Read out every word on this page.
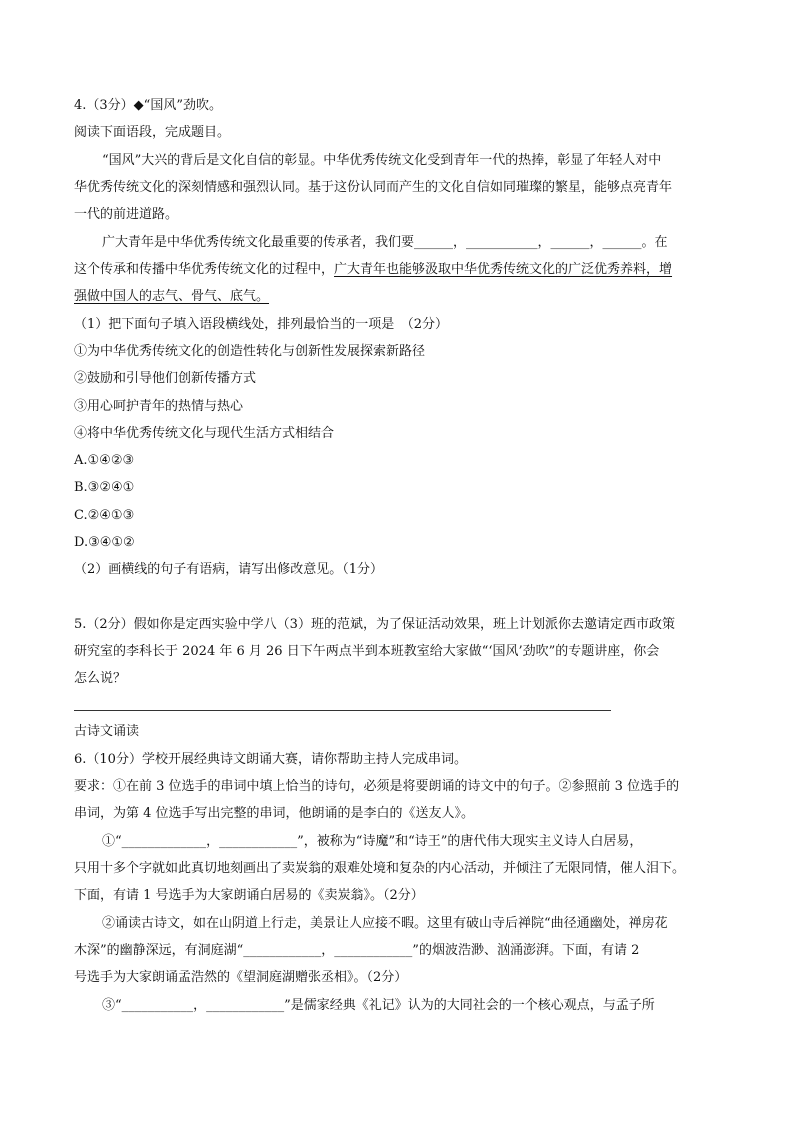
4.（3分）◆“国风”劲吹。
阅读下面语段，完成题目。
“国风”大兴的背后是文化自信的彰显。中华优秀传统文化受到青年一代的热捧，彰显了年轻人对中
华优秀传统文化的深刻情感和强烈认同。基于这份认同而产生的文化自信如同璀璨的繁星，能够点亮青年
一代的前进道路。
广大青年是中华优秀传统文化最重要的传承者，我们要______，___________，______，______。在
这个传承和传播中华优秀传统文化的过程中，广大青年也能够汲取中华优秀传统文化的广泛优秀养料，增
强做中国人的志气、骨气、底气。
（1）把下面句子填入语段横线处，排列最恰当的一项是　（2分）
①为中华优秀传统文化的创造性转化与创新性发展探索新路径
②鼓励和引导他们创新传播方式
③用心呵护青年的热情与热心
④将中华优秀传统文化与现代生活方式相结合
A.①④②③
B.③②④①
C.②④①③
D.③④①②
（2）画横线的句子有语病，请写出修改意见。（1分）
5.（2分）假如你是定西实验中学八（3）班的范斌，为了保证活动效果，班上计划派你去邀请定西市政策
研究室的李科长于 2024 年 6 月 26 日下午两点半到本班教室给大家做“‘国风’劲吹”的专题讲座，你会
怎么说？
古诗文诵读
6.（10分）学校开展经典诗文朗诵大赛，请你帮助主持人完成串词。
要求：①在前 3 位选手的串词中填上恰当的诗句，必须是将要朗诵的诗文中的句子。②参照前 3 位选手的
串词，为第 4 位选手写出完整的串词，他朗诵的是李白的《送友人》。
①“_____________，____________”，被称为“诗魔”和“诗王”的唐代伟大现实主义诗人白居易，
只用十多个字就如此真切地刻画出了卖炭翁的艰难处境和复杂的内心活动，并倾注了无限同情，催人泪下。
下面，有请 1 号选手为大家朗诵白居易的《卖炭翁》。（2分）
②诵读古诗文，如在山阴道上行走，美景让人应接不暇。这里有破山寺后禅院“曲径通幽处，禅房花
木深”的幽静深远，有洞庭湖“____________，____________”的烟波浩渺、汹涌澎湃。下面，有请 2
号选手为大家朗诵孟浩然的《望洞庭湖赠张丞相》。（2分）
③“___________，____________”是儒家经典《礼记》认为的大同社会的一个核心观点，与孟子所
